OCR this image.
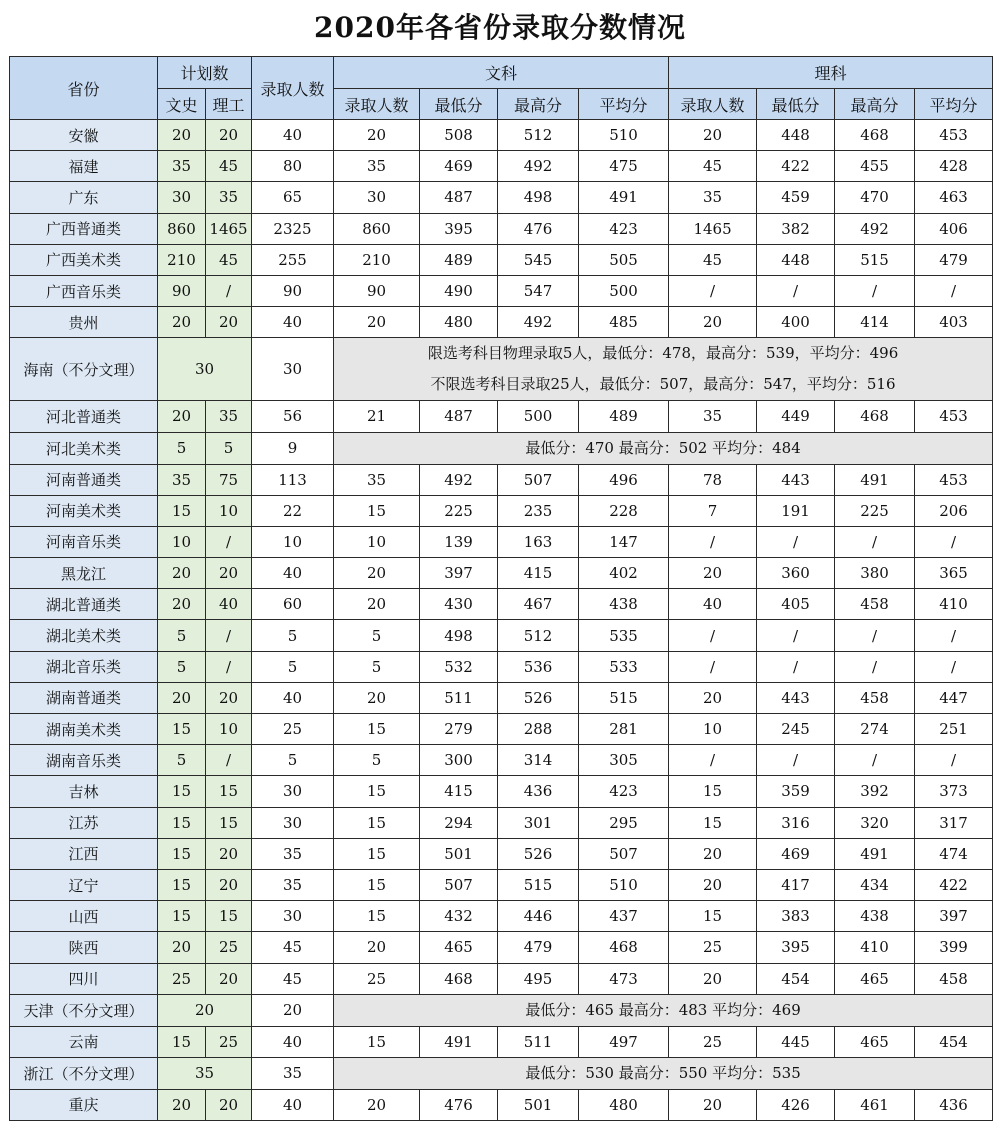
2020年各省份录取分数情况
省份	计划数		录取人数	文科				理科			
	文史	理工		录取人数	最低分	最高分	平均分	录取人数	最低分	最高分	平均分
安徽	20	20	40	20	508	512	510	20	448	468	453
福建	35	45	80	35	469	492	475	45	422	455	428
广东	30	35	65	30	487	498	491	35	459	470	463
广西普通类	860	1465	2325	860	395	476	423	1465	382	492	406
广西美术类	210	45	255	210	489	545	505	45	448	515	479
广西音乐类	90	/	90	90	490	547	500	/	/	/	/
贵州	20	20	40	20	480	492	485	20	400	414	403
海南（不分文理）	30		30	限选考科目物理录取5人，最低分：478，最高分：539，平均分：496
不限选考科目录取25人，最低分：507，最高分：547，平均分：516							

河北普通类	20	35	56	21	487	500	489	35	449	468	453
河北美术类	5	5	9	最低分：470 最高分：502 平均分：484							
河南普通类	35	75	113	35	492	507	496	78	443	491	453
河南美术类	15	10	22	15	225	235	228	7	191	225	206
河南音乐类	10	/	10	10	139	163	147	/	/	/	/
黑龙江	20	20	40	20	397	415	402	20	360	380	365
湖北普通类	20	40	60	20	430	467	438	40	405	458	410
湖北美术类	5	/	5	5	498	512	535	/	/	/	/
湖北音乐类	5	/	5	5	532	536	533	/	/	/	/
湖南普通类	20	20	40	20	511	526	515	20	443	458	447
湖南美术类	15	10	25	15	279	288	281	10	245	274	251
湖南音乐类	5	/	5	5	300	314	305	/	/	/	/
吉林	15	15	30	15	415	436	423	15	359	392	373
江苏	15	15	30	15	294	301	295	15	316	320	317
江西	15	20	35	15	501	526	507	20	469	491	474
辽宁	15	20	35	15	507	515	510	20	417	434	422
山西	15	15	30	15	432	446	437	15	383	438	397
陕西	20	25	45	20	465	479	468	25	395	410	399
四川	25	20	45	25	468	495	473	20	454	465	458
天津（不分文理）	20		20	最低分：465 最高分：483 平均分：469							
云南	15	25	40	15	491	511	497	25	445	465	454
浙江（不分文理）	35		35	最低分：530 最高分：550 平均分：535							
重庆	20	20	40	20	476	501	480	20	426	461	436
